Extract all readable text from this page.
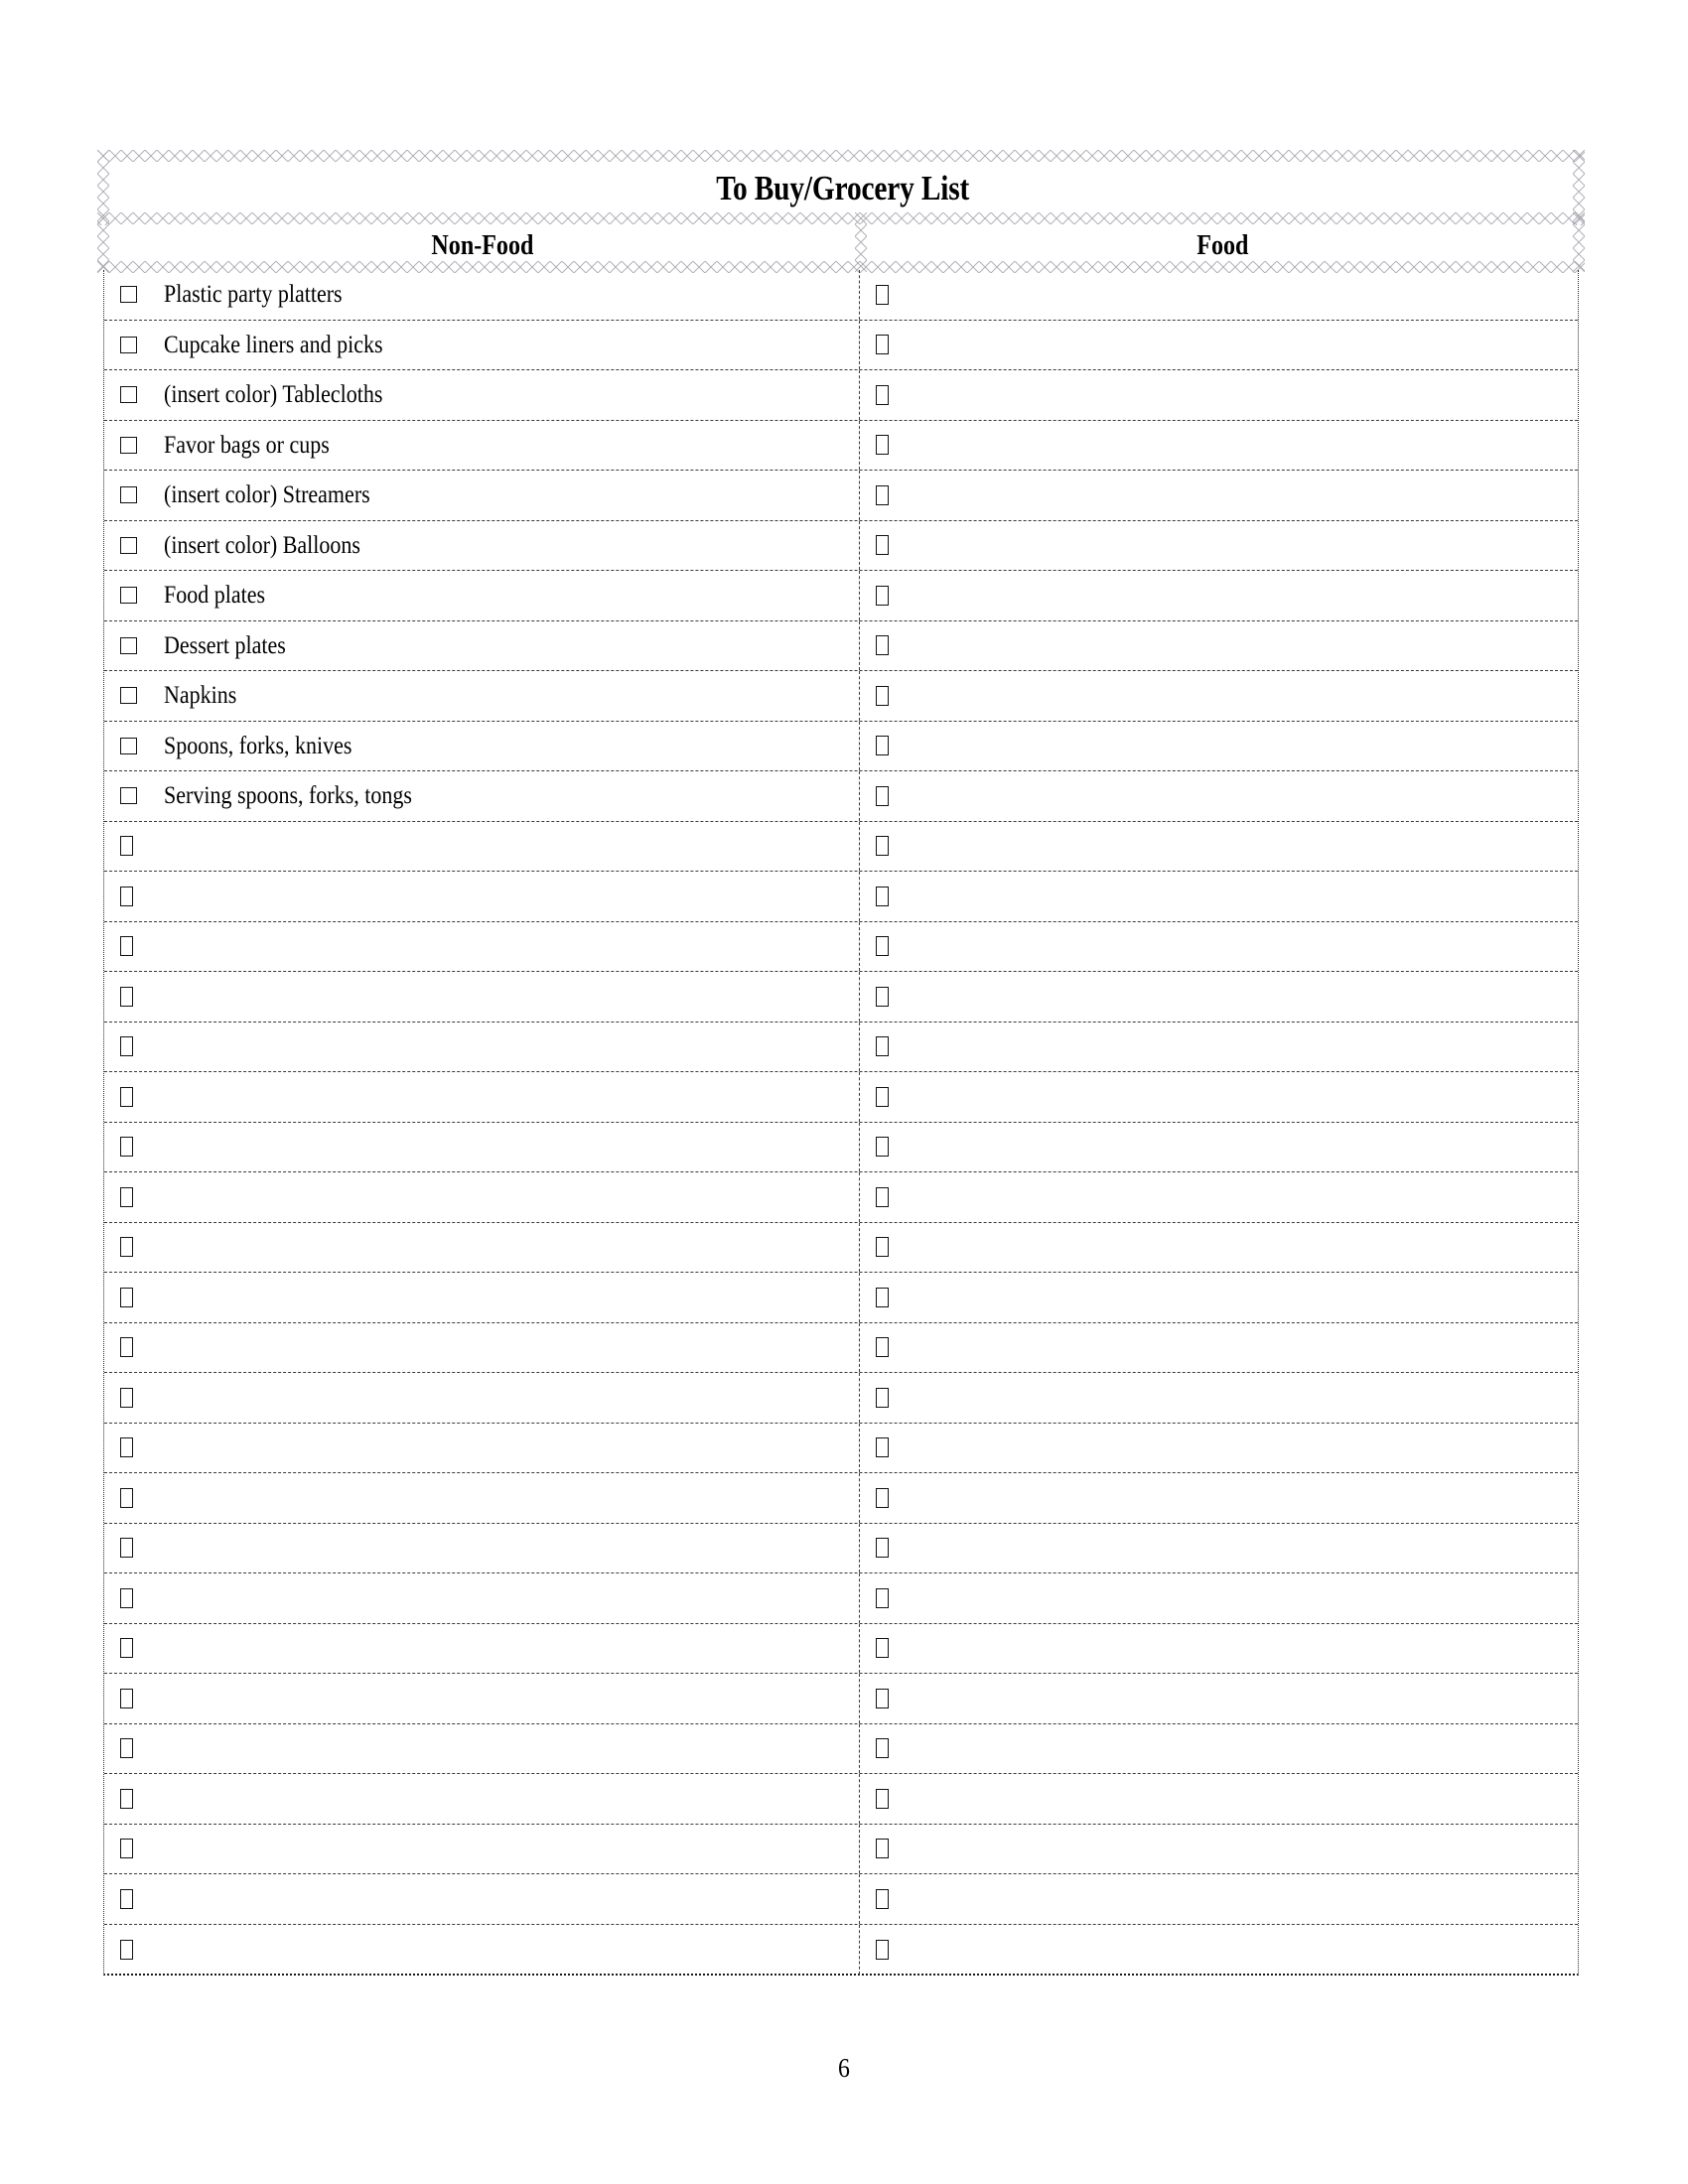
To Buy/Grocery List
Non-Food	Food
Plastic party platters
Cupcake liners and picks
(insert color) Tablecloths
Favor bags or cups
(insert color) Streamers
(insert color) Balloons
Food plates
Dessert plates
Napkins
Spoons, forks, knives
Serving spoons, forks, tongs
6
